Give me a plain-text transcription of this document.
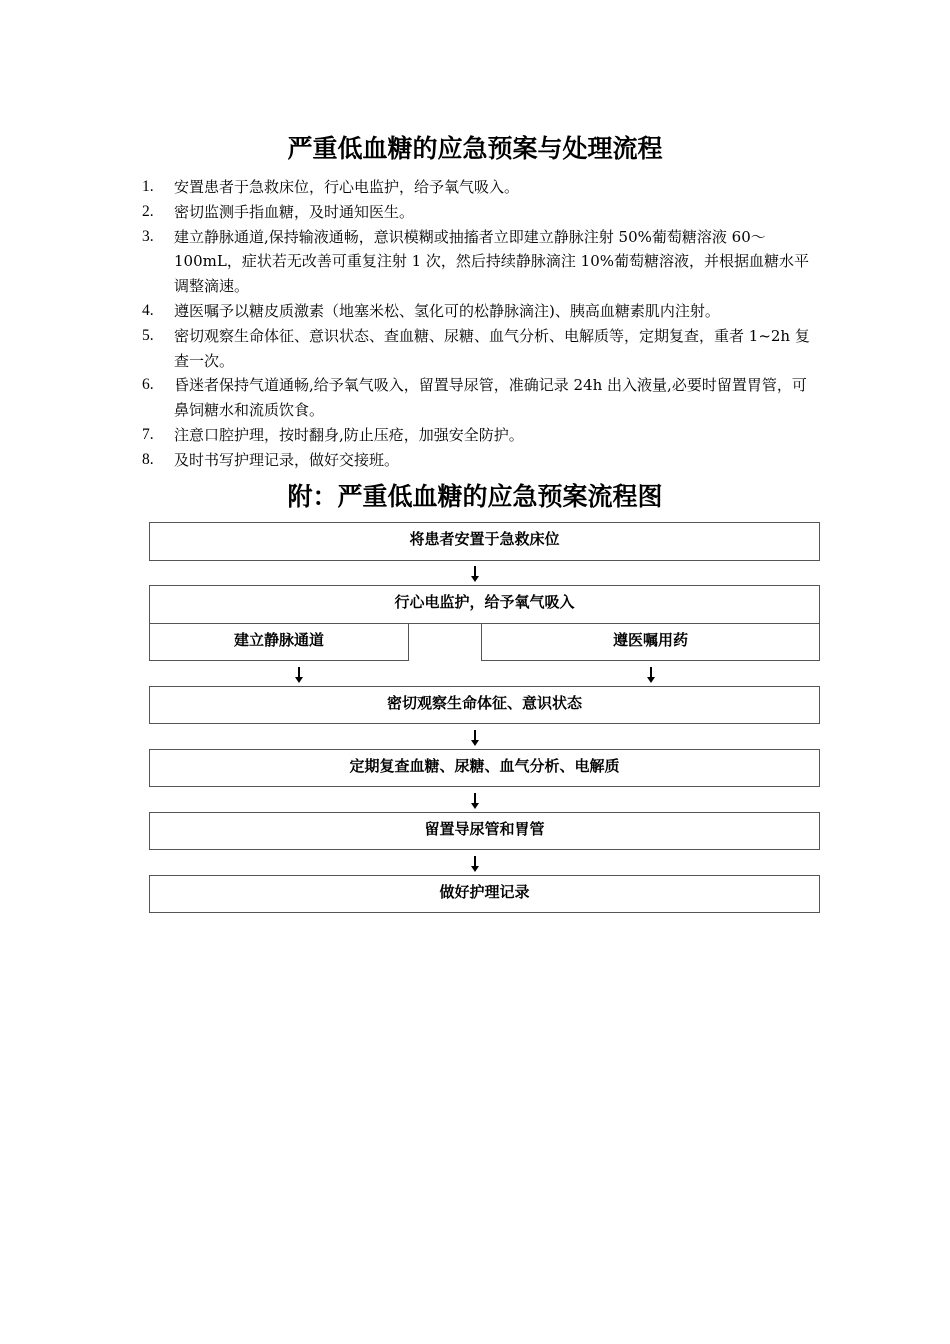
严重低血糖的应急预案与处理流程
1. 安置患者于急救床位，行心电监护，给予氧气吸入。
2. 密切监测手指血糖，及时通知医生。
3. 建立静脉通道,保持输液通畅，意识模糊或抽搐者立即建立静脉注射 50%葡萄糖溶液 60～100mL，症状若无改善可重复注射 1 次，然后持续静脉滴注 10%葡萄糖溶液，并根据血糖水平调整滴速。
4. 遵医嘱予以糖皮质激素（地塞米松、氢化可的松静脉滴注)、胰高血糖素肌内注射。
5. 密切观察生命体征、意识状态、查血糖、尿糖、血气分析、电解质等，定期复查，重者 1~2h 复查一次。
6. 昏迷者保持气道通畅,给予氧气吸入，留置导尿管，准确记录 24h 出入液量,必要时留置胃管，可鼻饲糖水和流质饮食。
7. 注意口腔护理，按时翻身,防止压疮，加强安全防护。
8. 及时书写护理记录，做好交接班。
附：严重低血糖的应急预案流程图
将患者安置于急救床位
行心电监护，给予氧气吸入
建立静脉通道	遵医嘱用药
密切观察生命体征、意识状态
定期复查血糖、尿糖、血气分析、电解质
留置导尿管和胃管
做好护理记录
